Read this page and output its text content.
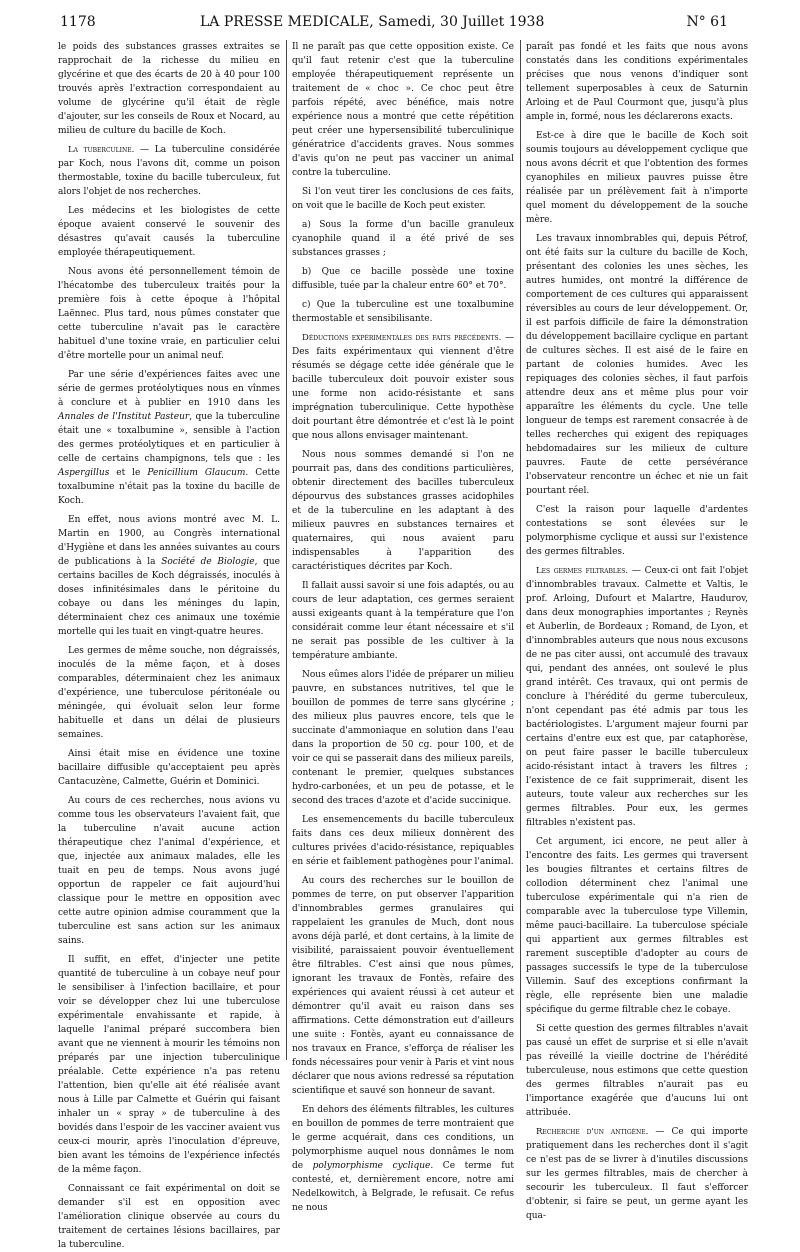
1178	LA PRESSE MEDICALE, Samedi, 30 Juillet 1938	N° 61

le poids des substances grasses extraites se rapprochait de la richesse du milieu en glycérine et que des écarts de 20 à 40 pour 100 trouvés après l'extraction correspondaient au volume de glycérine qu'il était de règle d'ajouter, sur les conseils de Roux et Nocard, au milieu de culture du bacille de Koch.

La tuberculine. — La tuberculine considérée par Koch, nous l'avons dit, comme un poison thermostable, toxine du bacille tuberculeux, fut alors l'objet de nos recherches.

Les médecins et les biologistes de cette époque avaient conservé le souvenir des désastres qu'avait causés la tuberculine employée thérapeutiquement.

Nous avons été personnellement témoin de l'hécatombe des tuberculeux traités pour la première fois à cette époque à l'hôpital Laënnec. Plus tard, nous pûmes constater que cette tuberculine n'avait pas le caractère habituel d'une toxine vraie, en particulier celui d'être mortelle pour un animal neuf.

Par une série d'expériences faites avec une série de germes protéolytiques nous en vînmes à conclure et à publier en 1910 dans les Annales de l'Institut Pasteur, que la tuberculine était une « toxalbumine », sensible à l'action des germes protéolytiques et en particulier à celle de certains champignons, tels que : les Aspergillus et le Penicillium Glaucum. Cette toxalbumine n'était pas la toxine du bacille de Koch.

En effet, nous avions montré avec M. L. Martin en 1900, au Congrès international d'Hygiène et dans les années suivantes au cours de publications à la Société de Biologie, que certains bacilles de Koch dégraissés, inoculés à doses infinitésimales dans le péritoine du cobaye ou dans les méninges du lapin, déterminaient chez ces animaux une toxémie mortelle qui les tuait en vingt-quatre heures.

Les germes de même souche, non dégraissés, inoculés de la même façon, et à doses comparables, déterminaient chez les animaux d'expérience, une tuberculose péritonéale ou méningée, qui évoluait selon leur forme habituelle et dans un délai de plusieurs semaines.

Ainsi était mise en évidence une toxine bacillaire diffusible qu'acceptaient peu après Cantacuzène, Calmette, Guérin et Dominici.

Au cours de ces recherches, nous avions vu comme tous les observateurs l'avaient fait, que la tuberculine n'avait aucune action thérapeutique chez l'animal d'expérience, et que, injectée aux animaux malades, elle les tuait en peu de temps. Nous avons jugé opportun de rappeler ce fait aujourd'hui classique pour le mettre en opposition avec cette autre opinion admise couramment que la tuberculine est sans action sur les animaux sains.

Il suffit, en effet, d'injecter une petite quantité de tuberculine à un cobaye neuf pour le sensibiliser à l'infection bacillaire, et pour voir se développer chez lui une tuberculose expérimentale envahissante et rapide, à laquelle l'animal préparé succombera bien avant que ne viennent à mourir les témoins non préparés par une injection tuberculinique préalable. Cette expérience n'a pas retenu l'attention, bien qu'elle ait été réalisée avant nous à Lille par Calmette et Guérin qui faisant inhaler un « spray » de tuberculine à des bovidés dans l'espoir de les vacciner avaient vus ceux-ci mourir, après l'inoculation d'épreuve, bien avant les témoins de l'expérience infectés de la même façon.

Connaissant ce fait expérimental on doit se demander s'il est en opposition avec l'amélioration clinique observée au cours du traitement de certaines lésions bacillaires, par la tuberculine.

Il ne paraît pas que cette opposition existe. Ce qu'il faut retenir c'est que la tuberculine employée thérapeutiquement représente un traitement de « choc ». Ce choc peut être parfois répété, avec bénéfice, mais notre expérience nous a montré que cette répétition peut créer une hypersensibilité tuberculinique génératrice d'accidents graves. Nous sommes d'avis qu'on ne peut pas vacciner un animal contre la tuberculine.

Si l'on veut tirer les conclusions de ces faits, on voit que le bacille de Koch peut exister.

a) Sous la forme d'un bacille granuleux cyanophile quand il a été privé de ses substances grasses ;

b) Que ce bacille possède une toxine diffusible, tuée par la chaleur entre 60° et 70°.

c) Que la tuberculine est une toxalbumine thermostable et sensibilisante.

Déductions expérimentales des faits précédents. — Des faits expérimentaux qui viennent d'être résumés se dégage cette idée générale que le bacille tuberculeux doit pouvoir exister sous une forme non acido-résistante et sans imprégnation tuberculinique. Cette hypothèse doit pourtant être démontrée et c'est là le point que nous allons envisager maintenant.

Nous nous sommes demandé si l'on ne pourrait pas, dans des conditions particulières, obtenir directement des bacilles tuberculeux dépourvus des substances grasses acidophiles et de la tuberculine en les adaptant à des milieux pauvres en substances ternaires et quaternaires, qui nous avaient paru indispensables à l'apparition des caractéristiques décrites par Koch.

Il fallait aussi savoir si une fois adaptés, ou au cours de leur adaptation, ces germes seraient aussi exigeants quant à la température que l'on considérait comme leur étant nécessaire et s'il ne serait pas possible de les cultiver à la température ambiante.

Nous eûmes alors l'idée de préparer un milieu pauvre, en substances nutritives, tel que le bouillon de pommes de terre sans glycérine ; des milieux plus pauvres encore, tels que le succinate d'ammoniaque en solution dans l'eau dans la proportion de 50 cg. pour 100, et de voir ce qui se passerait dans des milieux pareils, contenant le premier, quelques substances hydro-carbonées, et un peu de potasse, et le second des traces d'azote et d'acide succinique.

Les ensemencements du bacille tuberculeux faits dans ces deux milieux donnèrent des cultures privées d'acido-résistance, repiquables en série et faiblement pathogènes pour l'animal.

Au cours des recherches sur le bouillon de pommes de terre, on put observer l'apparition d'innombrables germes granulaires qui rappelaient les granules de Much, dont nous avons déjà parlé, et dont certains, à la limite de visibilité, paraissaient pouvoir éventuellement être filtrables. C'est ainsi que nous pûmes, ignorant les travaux de Fontès, refaire des expériences qui avaient réussi à cet auteur et démontrer qu'il avait eu raison dans ses affirmations. Cette démonstration eut d'ailleurs une suite : Fontès, ayant eu connaissance de nos travaux en France, s'efforça de réaliser les fonds nécessaires pour venir à Paris et vint nous déclarer que nous avions redressé sa réputation scientifique et sauvé son honneur de savant.

En dehors des éléments filtrables, les cultures en bouillon de pommes de terre montraient que le germe acquérait, dans ces conditions, un polymorphisme auquel nous donnâmes le nom de polymorphisme cyclique. Ce terme fut contesté, et, dernièrement encore, notre ami Nedelkowitch, à Belgrade, le refusait. Ce refus ne nous

paraît pas fondé et les faits que nous avons constatés dans les conditions expérimentales précises que nous venons d'indiquer sont tellement superposables à ceux de Saturnin Arloing et de Paul Courmont que, jusqu'à plus ample in, formé, nous les déclarerons exacts.

Est-ce à dire que le bacille de Koch soit soumis toujours au développement cyclique que nous avons décrit et que l'obtention des formes cyanophiles en milieux pauvres puisse être réalisée par un prélèvement fait à n'importe quel moment du développement de la souche mère.

Les travaux innombrables qui, depuis Pétrof, ont été faits sur la culture du bacille de Koch, présentant des colonies les unes sèches, les autres humides, ont montré la différence de comportement de ces cultures qui apparaissent réversibles au cours de leur développement. Or, il est parfois difficile de faire la démonstration du développement bacillaire cyclique en partant de cultures sèches. Il est aisé de le faire en partant de colonies humides. Avec les repiquages des colonies sèches, il faut parfois attendre deux ans et même plus pour voir apparaître les éléments du cycle. Une telle longueur de temps est rarement consacrée à de telles recherches qui exigent des repiquages hebdomadaires sur les milieux de culture pauvres. Faute de cette persévérance l'observateur rencontre un échec et nie un fait pourtant réel.

C'est la raison pour laquelle d'ardentes contestations se sont élevées sur le polymorphisme cyclique et aussi sur l'existence des germes filtrables.

Les germes filtrables. — Ceux-ci ont fait l'objet d'innombrables travaux. Calmette et Valtis, le prof. Arloing, Dufourt et Malartre, Haudurov, dans deux monographies importantes ; Reynès et Auberlin, de Bordeaux ; Romand, de Lyon, et d'innombrables auteurs que nous nous excusons de ne pas citer aussi, ont accumulé des travaux qui, pendant des années, ont soulevé le plus grand intérêt. Ces travaux, qui ont permis de conclure à l'hérédité du germe tuberculeux, n'ont cependant pas été admis par tous les bactériologistes. L'argument majeur fourni par certains d'entre eux est que, par cataphorèse, on peut faire passer le bacille tuberculeux acido-résistant intact à travers les filtres ; l'existence de ce fait supprimerait, disent les auteurs, toute valeur aux recherches sur les germes filtrables. Pour eux, les germes filtrables n'existent pas.

Cet argument, ici encore, ne peut aller à l'encontre des faits. Les germes qui traversent les bougies filtrantes et certains filtres de collodion déterminent chez l'animal une tuberculose expérimentale qui n'a rien de comparable avec la tuberculose type Villemin, même pauci-bacillaire. La tuberculose spéciale qui appartient aux germes filtrables est rarement susceptible d'adopter au cours de passages successifs le type de la tuberculose Villemin. Sauf des exceptions confirmant la règle, elle représente bien une maladie spécifique du germe filtrable chez le cobaye.

Si cette question des germes filtrables n'avait pas causé un effet de surprise et si elle n'avait pas réveillé la vieille doctrine de l'hérédité tuberculeuse, nous estimons que cette question des germes filtrables n'aurait pas eu l'importance exagérée que d'aucuns lui ont attribuée.

Recherche d'un antigène. — Ce qui importe pratiquement dans les recherches dont il s'agit ce n'est pas de se livrer à d'inutiles discussions sur les germes filtrables, mais de chercher à secourir les tuberculeux. Il faut s'efforcer d'obtenir, si faire se peut, un germe ayant les qua-
